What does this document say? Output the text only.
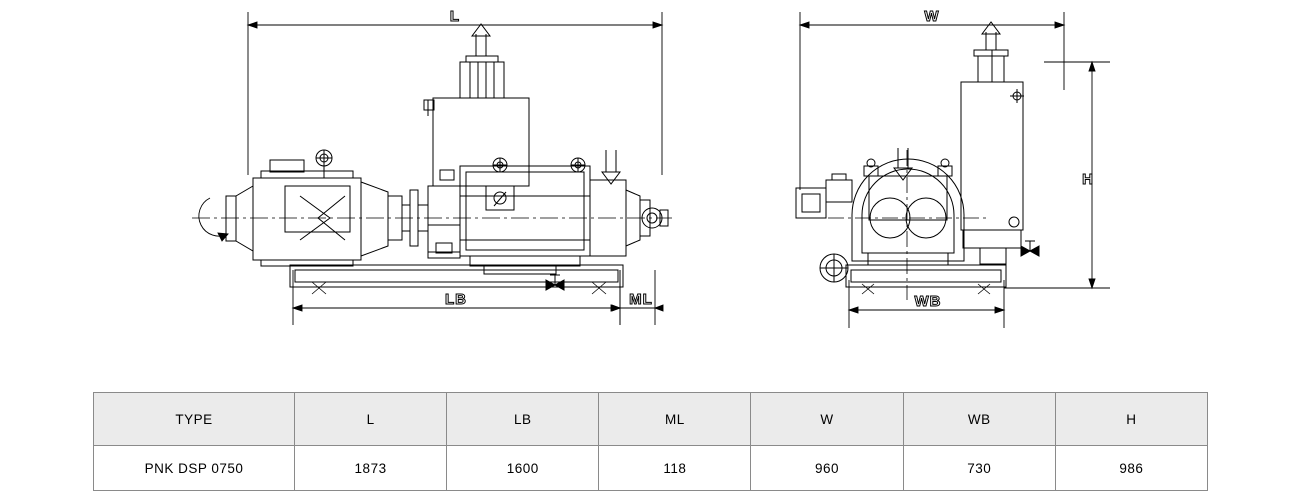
L
LB	ML
W
WB
H
TYPE	L	LB	ML	W	WB	H
PNK DSP 0750	1873	1600	118	960	730	986
